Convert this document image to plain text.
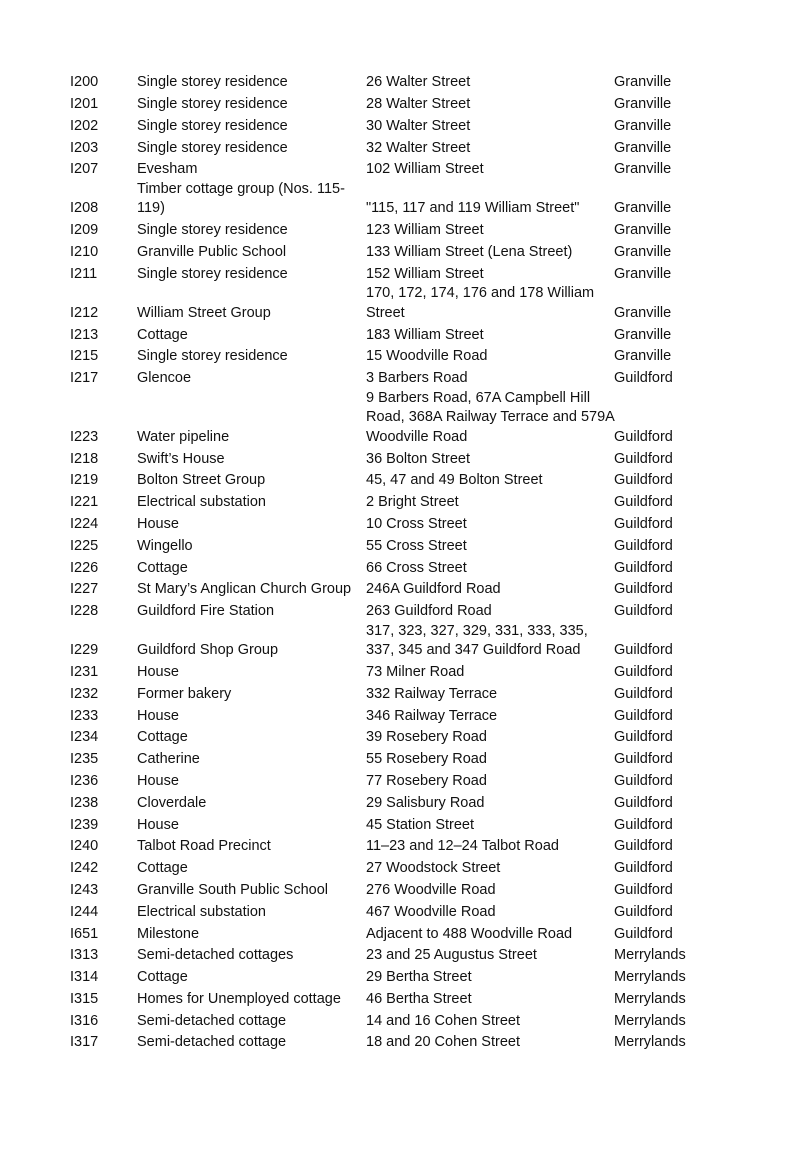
I200	Single storey residence	26 Walter Street	Granville
I201	Single storey residence	28 Walter Street	Granville
I202	Single storey residence	30 Walter Street	Granville
I203	Single storey residence	32 Walter Street	Granville
I207	Evesham	102 William Street	Granville
I208	Timber cottage group (Nos. 115-119)	"115, 117 and 119 William Street"	Granville
I209	Single storey residence	123 William Street	Granville
I210	Granville Public School	133 William Street (Lena Street)	Granville
I211	Single storey residence	152 William Street	Granville
I212	William Street Group	170, 172, 174, 176 and 178 William Street	Granville
I213	Cottage	183 William Street	Granville
I215	Single storey residence	15 Woodville Road	Granville
I217	Glencoe	3 Barbers Road	Guildford
I223	Water pipeline	9 Barbers Road, 67A Campbell Hill Road, 368A Railway Terrace and 579A Woodville Road	Guildford
I218	Swift’s House	36 Bolton Street	Guildford
I219	Bolton Street Group	45, 47 and 49 Bolton Street	Guildford
I221	Electrical substation	2 Bright Street	Guildford
I224	House	10 Cross Street	Guildford
I225	Wingello	55 Cross Street	Guildford
I226	Cottage	66 Cross Street	Guildford
I227	St Mary’s Anglican Church Group	246A Guildford Road	Guildford
I228	Guildford Fire Station	263 Guildford Road	Guildford
I229	Guildford Shop Group	317, 323, 327, 329, 331, 333, 335, 337, 345 and 347 Guildford Road	Guildford
I231	House	73 Milner Road	Guildford
I232	Former bakery	332 Railway Terrace	Guildford
I233	House	346 Railway Terrace	Guildford
I234	Cottage	39 Rosebery Road	Guildford
I235	Catherine	55 Rosebery Road	Guildford
I236	House	77 Rosebery Road	Guildford
I238	Cloverdale	29 Salisbury Road	Guildford
I239	House	45 Station Street	Guildford
I240	Talbot Road Precinct	11–23 and 12–24 Talbot Road	Guildford
I242	Cottage	27 Woodstock Street	Guildford
I243	Granville South Public School	276 Woodville Road	Guildford
I244	Electrical substation	467 Woodville Road	Guildford
I651	Milestone	Adjacent to 488 Woodville Road	Guildford
I313	Semi-detached cottages	23 and 25 Augustus Street	Merrylands
I314	Cottage	29 Bertha Street	Merrylands
I315	Homes for Unemployed cottage	46 Bertha Street	Merrylands
I316	Semi-detached cottage	14 and 16 Cohen Street	Merrylands
I317	Semi-detached cottage	18 and 20 Cohen Street	Merrylands
